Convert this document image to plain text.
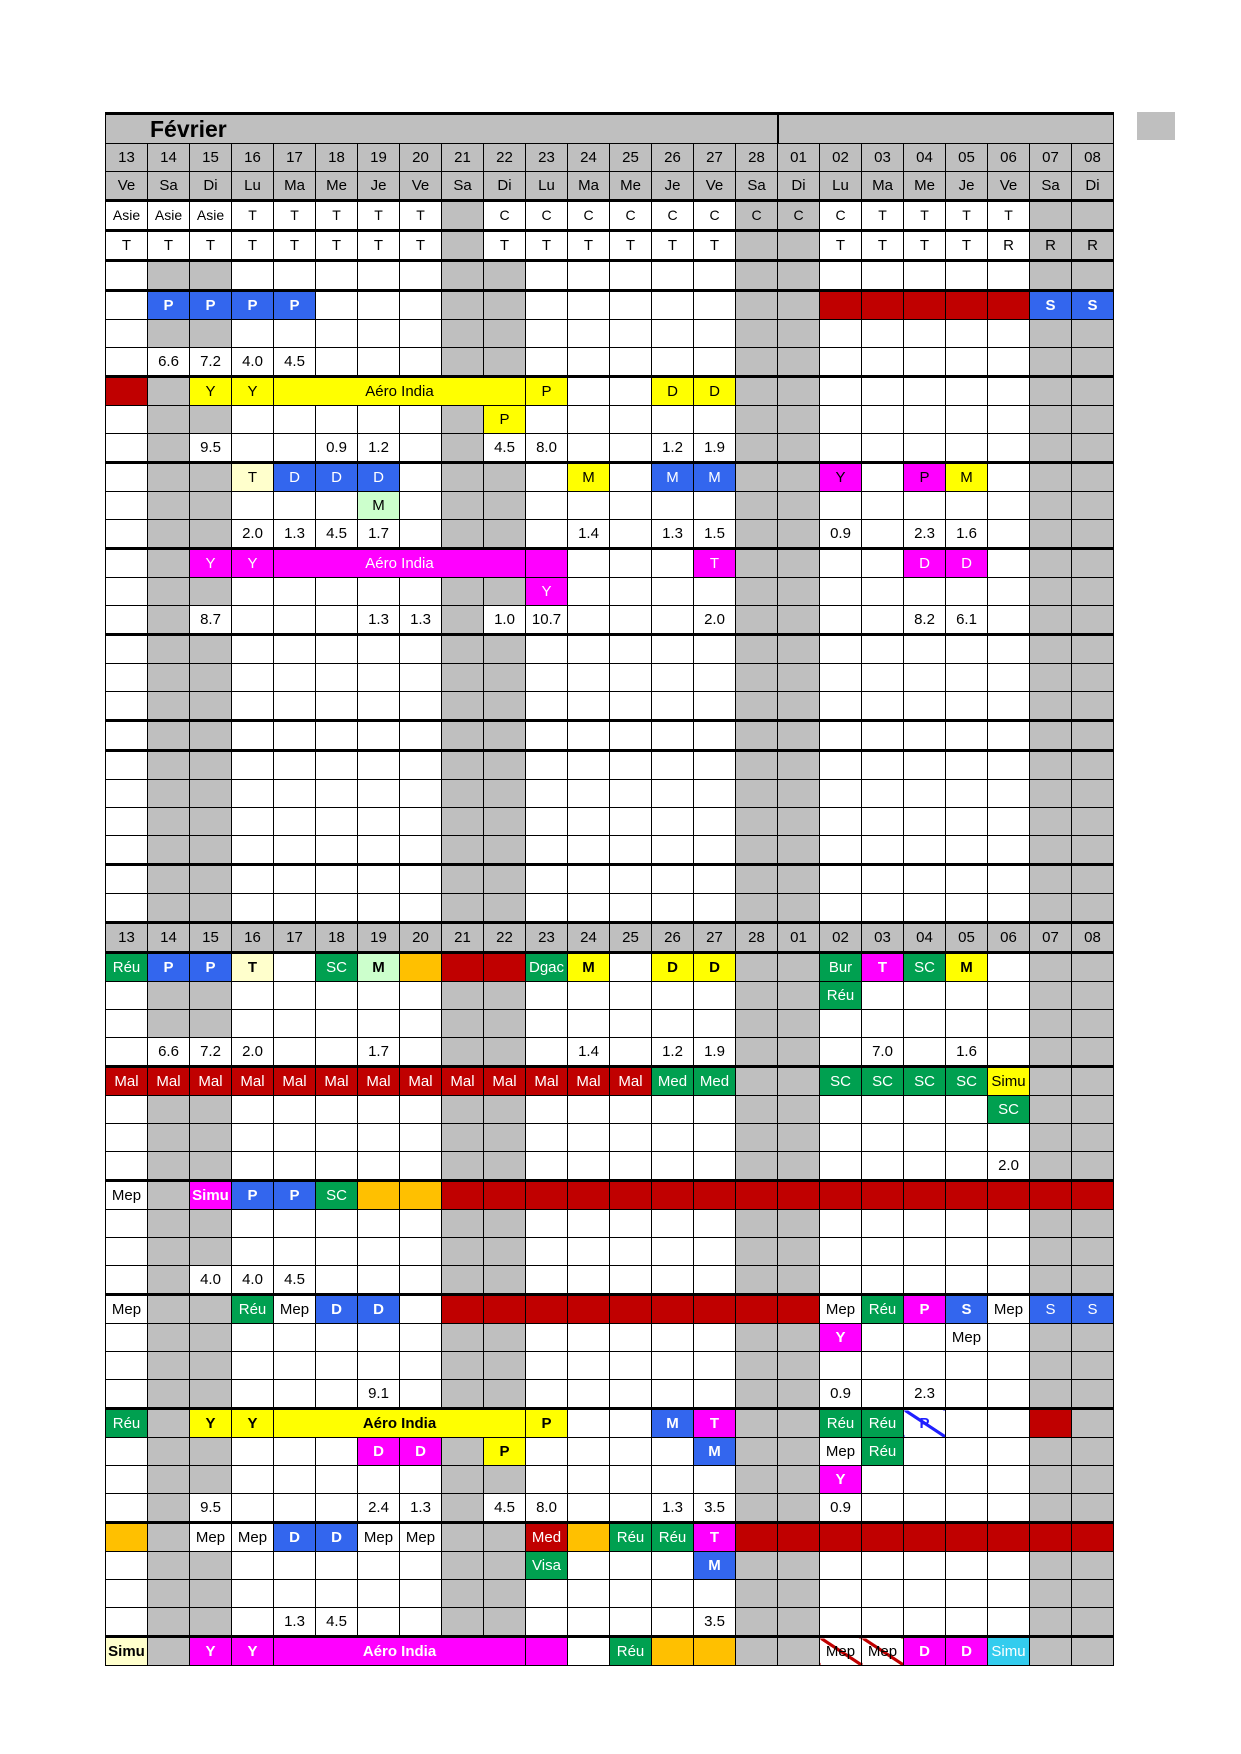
Février																							
13	14	15	16	17	18	19	20	21	22	23	24	25	26	27	28	01	02	03	04	05	06	07	08
Ve	Sa	Di	Lu	Ma	Me	Je	Ve	Sa	Di	Lu	Ma	Me	Je	Ve	Sa	Di	Lu	Ma	Me	Je	Ve	Sa	Di
Asie	Asie	Asie	T	T	T	T	T		C	C	C	C	C	C	C	C	C	T	T	T	T		
T	T	T	T	T	T	T	T		T	T	T	T	T	T			T	T	T	T	R	R	R

	P	P	P	P																		S	S

	6.6	7.2	4.0	4.5																			
		Y	Y	Aéro India						P			D	D									
									P														
		9.5			0.9	1.2			4.5	8.0			1.2	1.9									
			T	D	D	D					M		M	M			Y		P	M			
						M																	
			2.0	1.3	4.5	1.7					1.4		1.3	1.5			0.9		2.3	1.6			
		Y	Y	Aéro India										T					D	D			
										Y													
		8.7				1.3	1.3		1.0	10.7				2.0					8.2	6.1			

13	14	15	16	17	18	19	20	21	22	23	24	25	26	27	28	01	02	03	04	05	06	07	08
Réu	P	P	T		SC	M				Dgac	M		D	D			Bur	T	SC	M			
																	Réu						

	6.6	7.2	2.0			1.7					1.4		1.2	1.9				7.0		1.6			
Mal	Mal	Mal	Mal	Mal	Mal	Mal	Mal	Mal	Mal	Mal	Mal	Mal	Med	Med			SC	SC	SC	SC	Simu		
																					SC		

																					2.0		
Mep		Simu	P	P	SC																		

		4.0	4.0	4.5																			
Mep			Réu	Mep	D	D											Mep	Réu	P	S	Mep	S	S
																	Y			Mep			

						9.1											0.9		2.3				
Réu		Y	Y	Aéro India						P			M	T			Réu	Réu	P				
						D	D		P					M			Mep	Réu					
																	Y						
		9.5				2.4	1.3		4.5	8.0			1.3	3.5			0.9						
		Mep	Mep	D	D	Mep	Mep			Med		Réu	Réu	T									
										Visa				M									

				1.3	4.5									3.5									
Simu		Y	Y	Aéro India								Réu					Mep	Mep	D	D	Simu		
